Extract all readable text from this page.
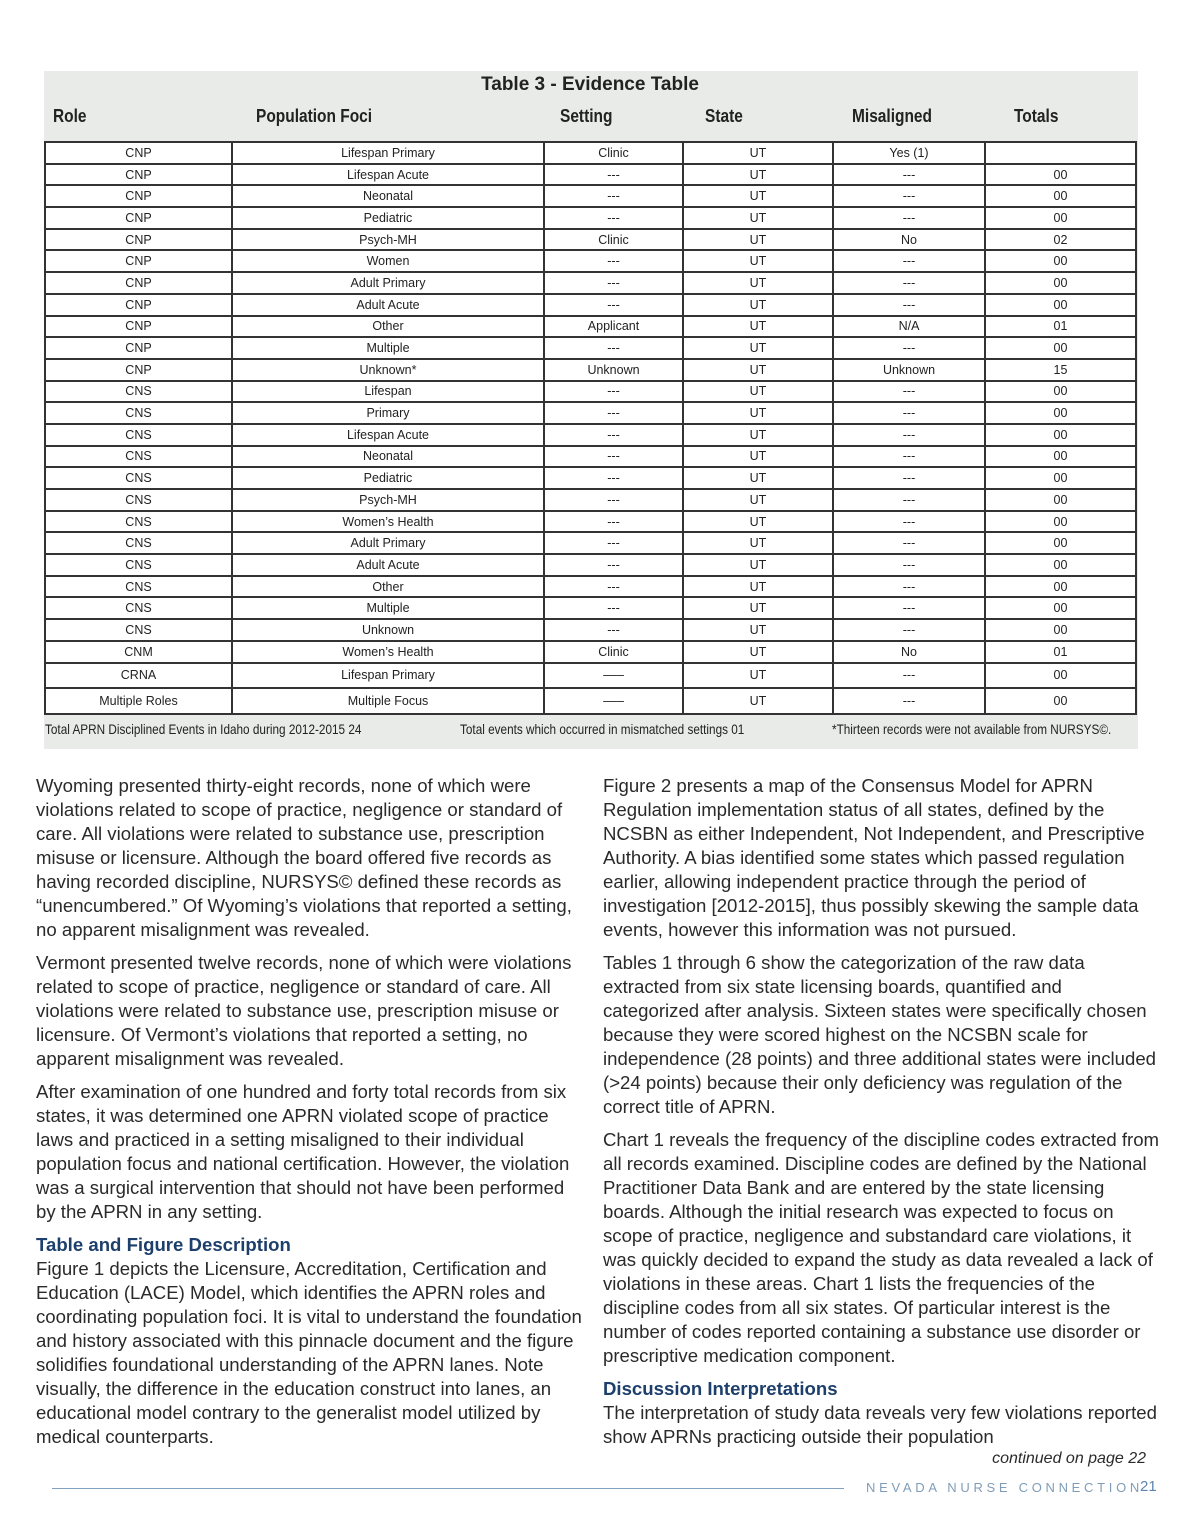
Table 3 - Evidence Table
Role	Population Foci	Setting	State	Misaligned	Totals
CNP	Lifespan Primary	Clinic	UT	Yes (1)	
CNP	Lifespan Acute	---	UT	---	00
CNP	Neonatal	---	UT	---	00
CNP	Pediatric	---	UT	---	00
CNP	Psych-MH	Clinic	UT	No	02
CNP	Women	---	UT	---	00
CNP	Adult Primary	---	UT	---	00
CNP	Adult Acute	---	UT	---	00
CNP	Other	Applicant	UT	N/A	01
CNP	Multiple	---	UT	---	00
CNP	Unknown*	Unknown	UT	Unknown	15
CNS	Lifespan	---	UT	---	00
CNS	Primary	---	UT	---	00
CNS	Lifespan Acute	---	UT	---	00
CNS	Neonatal	---	UT	---	00
CNS	Pediatric	---	UT	---	00
CNS	Psych-MH	---	UT	---	00
CNS	Women’s Health	---	UT	---	00
CNS	Adult Primary	---	UT	---	00
CNS	Adult Acute	---	UT	---	00
CNS	Other	---	UT	---	00
CNS	Multiple	---	UT	---	00
CNS	Unknown	---	UT	---	00
CNM	Women’s Health	Clinic	UT	No	01
CRNA	Lifespan Primary	–––	UT	---	00
Multiple Roles	Multiple Focus	–––	UT	---	00
Total APRN Disciplined Events in Idaho during 2012-2015 24	Total events which occurred in mismatched settings 01	*Thirteen records were not available from NURSYS©.

Wyoming presented thirty-eight records, none of which were violations related to scope of practice, negligence or standard of care. All violations were related to substance use, prescription misuse or licensure. Although the board offered five records as having recorded discipline, NURSYS© defined these records as “unencumbered.” Of Wyoming’s violations that reported a setting, no apparent misalignment was revealed.

Vermont presented twelve records, none of which were violations related to scope of practice, negligence or standard of care. All violations were related to substance use, prescription misuse or licensure. Of Vermont’s violations that reported a setting, no apparent misalignment was revealed.

After examination of one hundred and forty total records from six states, it was determined one APRN violated scope of practice laws and practiced in a setting misaligned to their individual population focus and national certification. However, the violation was a surgical intervention that should not have been performed by the APRN in any setting.

Table and Figure Description

Figure 1 depicts the Licensure, Accreditation, Certification and Education (LACE) Model, which identifies the APRN roles and coordinating population foci. It is vital to understand the foundation and history associated with this pinnacle document and the figure solidifies foundational understanding of the APRN lanes. Note visually, the difference in the education construct into lanes, an educational model contrary to the generalist model utilized by medical counterparts.

Figure 2 presents a map of the Consensus Model for APRN Regulation implementation status of all states, defined by the NCSBN as either Independent, Not Independent, and Prescriptive Authority. A bias identified some states which passed regulation earlier, allowing independent practice through the period of investigation [2012-2015], thus possibly skewing the sample data events, however this information was not pursued.

Tables 1 through 6 show the categorization of the raw data extracted from six state licensing boards, quantified and categorized after analysis. Sixteen states were specifically chosen because they were scored highest on the NCSBN scale for independence (28 points) and three additional states were included (>24 points) because their only deficiency was regulation of the correct title of APRN.

Chart 1 reveals the frequency of the discipline codes extracted from all records examined. Discipline codes are defined by the National Practitioner Data Bank and are entered by the state licensing boards. Although the initial research was expected to focus on scope of practice, negligence and substandard care violations, it was quickly decided to expand the study as data revealed a lack of violations in these areas. Chart 1 lists the frequencies of the discipline codes from all six states. Of particular interest is the number of codes reported containing a substance use disorder or prescriptive medication component.

Discussion Interpretations

The interpretation of study data reveals very few violations reported show APRNs practicing outside their population

continued on page 22
NEVADA NURSE CONNECTION
21
